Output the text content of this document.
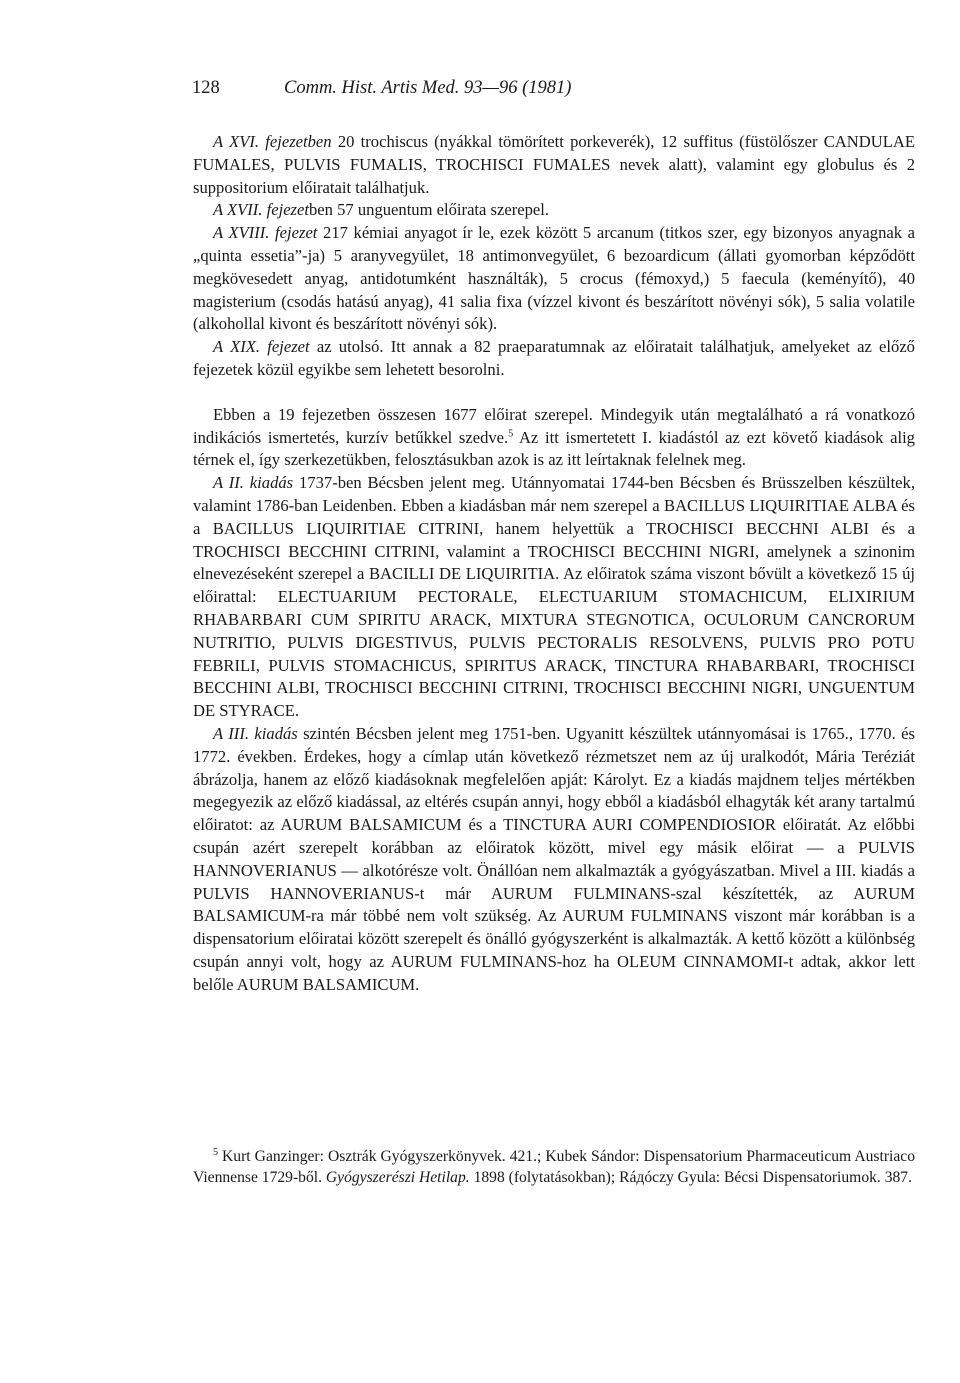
128	Comm. Hist. Artis Med. 93—96 (1981)

A XVI. fejezetben 20 trochiscus (nyákkal tömörített porkeverék), 12 suffitus (füstölőszer CANDULAE FUMALES, PULVIS FUMALIS, TROCHISCI FUMALES nevek alatt), valamint egy globulus és 2 suppositorium előiratait találhatjuk.

A XVII. fejezetben 57 unguentum előirata szerepel.

A XVIII. fejezet 217 kémiai anyagot ír le, ezek között 5 arcanum (titkos szer, egy bizonyos anyagnak a „quinta essetia”-ja) 5 aranyvegyület, 18 antimonvegyület, 6 bezoardicum (állati gyomorban képződött megkövesedett anyag, antidotumként használták), 5 crocus (fémoxyd,) 5 faecula (keményítő), 40 magisterium (csodás hatású anyag), 41 salia fixa (vízzel kivont és beszárított növényi sók), 5 salia volatile (alkohollal kivont és beszárított növényi sók).

A XIX. fejezet az utolsó. Itt annak a 82 praeparatumnak az előiratait találhatjuk, amelyeket az előző fejezetek közül egyikbe sem lehetett besorolni.

Ebben a 19 fejezetben összesen 1677 előirat szerepel. Mindegyik után megtalálható a rá vonatkozó indikációs ismertetés, kurzív betűkkel szedve.$^5$ Az itt ismertetett I. kiadástól az ezt követő kiadások alig térnek el, így szerkezetükben, felosztásukban azok is az itt leírtaknak felelnek meg.

A II. kiadás 1737-ben Bécsben jelent meg. Utánnyomatai 1744-ben Bécsben és Brüsszelben készültek, valamint 1786-ban Leidenben. Ebben a kiadásban már nem szerepel a BACILLUS LIQUIRITIAE ALBA és a BACILLUS LIQUIRITIAE CITRINI, hanem helyettük a TROCHISCI BECCHNI ALBI és a TROCHISCI BECCHINI CITRINI, valamint a TROCHISCI BECCHINI NIGRI, amelynek a szinonim elnevezéseként szerepel a BACILLI DE LIQUIRITIA. Az előiratok száma viszont bővült a következő 15 új előirattal: ELECTUARIUM PECTORALE, ELECTUARIUM STOMACHICUM, ELIXIRIUM RHABARBARI CUM SPIRITU ARACK, MIXTURA STEGNOTICA, OCULORUM CANCRORUM NUTRITIO, PULVIS DIGESTIVUS, PULVIS PECTORALIS RESOLVENS, PULVIS PRO POTU FEBRILI, PULVIS STOMACHICUS, SPIRITUS ARACK, TINCTURA RHABARBARI, TROCHISCI BECCHINI ALBI, TROCHISCI BECCHINI CITRINI, TROCHISCI BECCHINI NIGRI, UNGUENTUM DE STYRACE.

A III. kiadás szintén Bécsben jelent meg 1751-ben. Ugyanitt készültek utánnyomásai is 1765., 1770. és 1772. években. Érdekes, hogy a címlap után következő rézmetszet nem az új uralkodót, Mária Teréziát ábrázolja, hanem az előző kiadásoknak megfelelően apját: Károlyt. Ez a kiadás majdnem teljes mértékben megegyezik az előző kiadással, az eltérés csupán annyi, hogy ebből a kiadásból elhagyták két arany tartalmú előiratot: az AURUM BALSAMICUM és a TINCTURA AURI COMPENDIOSIOR előiratát. Az előbbi csupán azért szerepelt korábban az előiratok között, mivel egy másik előirat — a PULVIS HANNOVERIANUS — alkotórésze volt. Önállóan nem alkalmazták a gyógyászatban. Mivel a III. kiadás a PULVIS HANNOVERIANUS-t már AURUM FULMINANS-szal készítették, az AURUM BALSAMICUM-ra már többé nem volt szükség. Az AURUM FULMINANS viszont már korábban is a dispensatorium előiratai között szerepelt és önálló gyógyszerként is alkalmazták. A kettő között a különbség csupán annyi volt, hogy az AURUM FULMINANS-hoz ha OLEUM CINNAMOMI-t adtak, akkor lett belőle AURUM BALSAMICUM.

$^5$ Kurt Ganzinger: Osztrák Gyógyszerkönyvek. 421.; Kubek Sándor: Dispensatorium Pharmaceuticum Austriaco Viennense 1729-ből. Gyógyszerészi Hetilap. 1898 (folytatásokban); Ráдóczy Gyula: Bécsi Dispensatoriumok. 387.
